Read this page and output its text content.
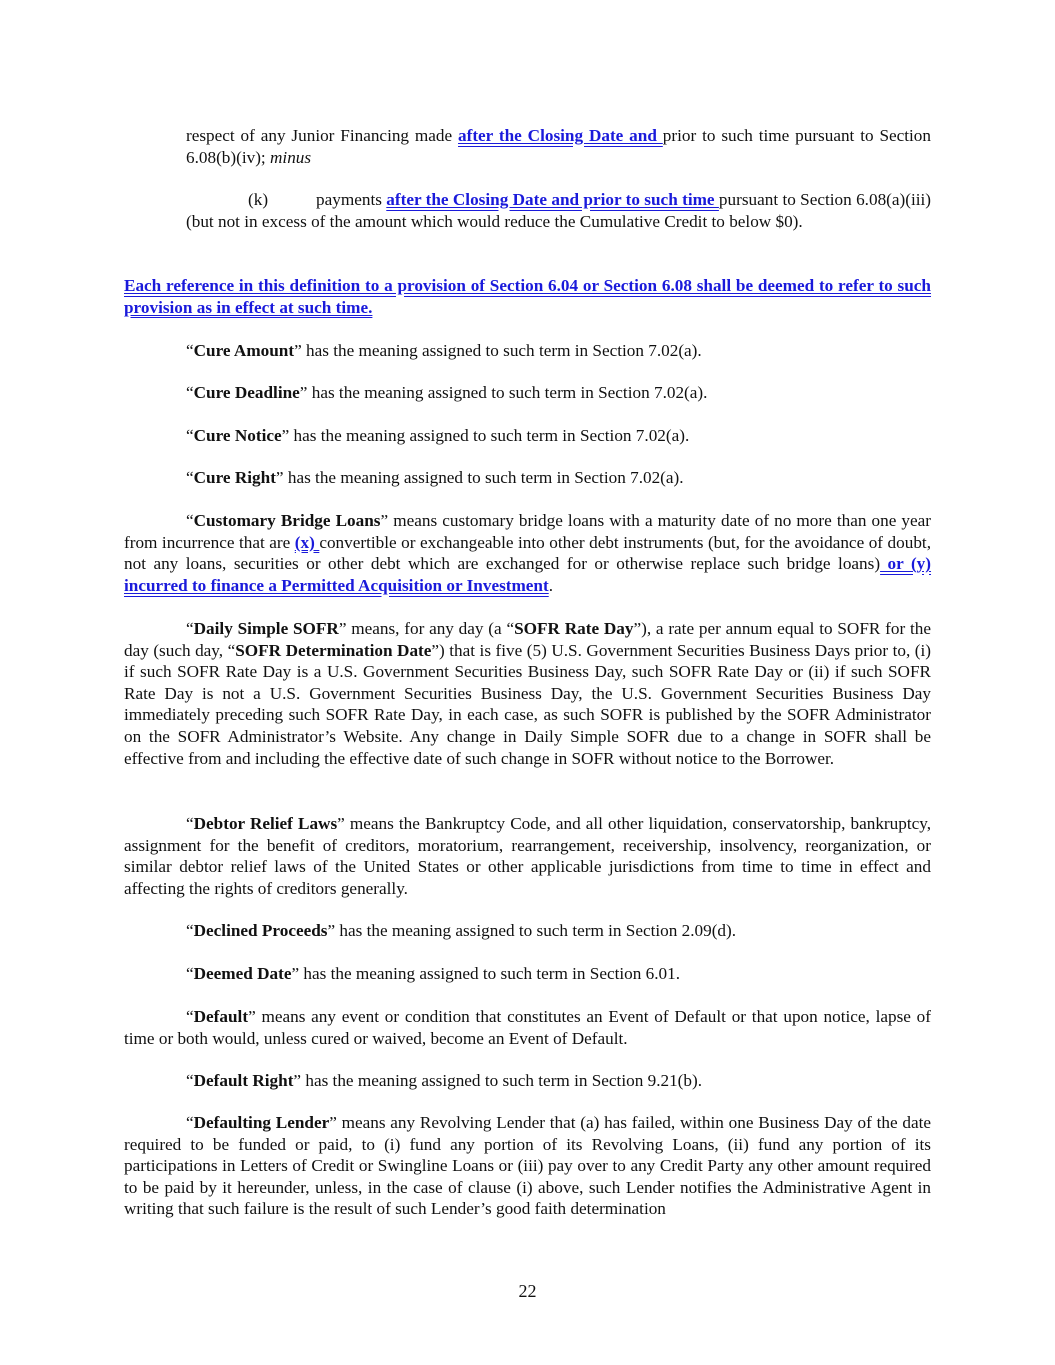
respect of any Junior Financing made after the Closing Date and prior to such time pursuant to Section 6.08(b)(iv); minus

(k)	payments after the Closing Date and prior to such time pursuant to Section 6.08(a)(iii) (but not in excess of the amount which would reduce the Cumulative Credit to below $0).

Each reference in this definition to a provision of Section 6.04 or Section 6.08 shall be deemed to refer to such provision as in effect at such time.

“Cure Amount” has the meaning assigned to such term in Section 7.02(a).

“Cure Deadline” has the meaning assigned to such term in Section 7.02(a).

“Cure Notice” has the meaning assigned to such term in Section 7.02(a).

“Cure Right” has the meaning assigned to such term in Section 7.02(a).

“Customary Bridge Loans” means customary bridge loans with a maturity date of no more than one year from incurrence that are (x) convertible or exchangeable into other debt instruments (but, for the avoidance of doubt, not any loans, securities or other debt which are exchanged for or otherwise replace such bridge loans) or (y) incurred to finance a Permitted Acquisition or Investment.

“Daily Simple SOFR” means, for any day (a “SOFR Rate Day”), a rate per annum equal to SOFR for the day (such day, “SOFR Determination Date”) that is five (5) U.S. Government Securities Business Days prior to, (i) if such SOFR Rate Day is a U.S. Government Securities Business Day, such SOFR Rate Day or (ii) if such SOFR Rate Day is not a U.S. Government Securities Business Day, the U.S. Government Securities Business Day immediately preceding such SOFR Rate Day, in each case, as such SOFR is published by the SOFR Administrator on the SOFR Administrator’s Website. Any change in Daily Simple SOFR due to a change in SOFR shall be effective from and including the effective date of such change in SOFR without notice to the Borrower.

“Debtor Relief Laws” means the Bankruptcy Code, and all other liquidation, conservatorship, bankruptcy, assignment for the benefit of creditors, moratorium, rearrangement, receivership, insolvency, reorganization, or similar debtor relief laws of the United States or other applicable jurisdictions from time to time in effect and affecting the rights of creditors generally.

“Declined Proceeds” has the meaning assigned to such term in Section 2.09(d).

“Deemed Date” has the meaning assigned to such term in Section 6.01.

“Default” means any event or condition that constitutes an Event of Default or that upon notice, lapse of time or both would, unless cured or waived, become an Event of Default.

“Default Right” has the meaning assigned to such term in Section 9.21(b).

“Defaulting Lender” means any Revolving Lender that (a) has failed, within one Business Day of the date required to be funded or paid, to (i) fund any portion of its Revolving Loans, (ii) fund any portion of its participations in Letters of Credit or Swingline Loans or (iii) pay over to any Credit Party any other amount required to be paid by it hereunder, unless, in the case of clause (i) above, such Lender notifies the Administrative Agent in writing that such failure is the result of such Lender’s good faith determination

22
